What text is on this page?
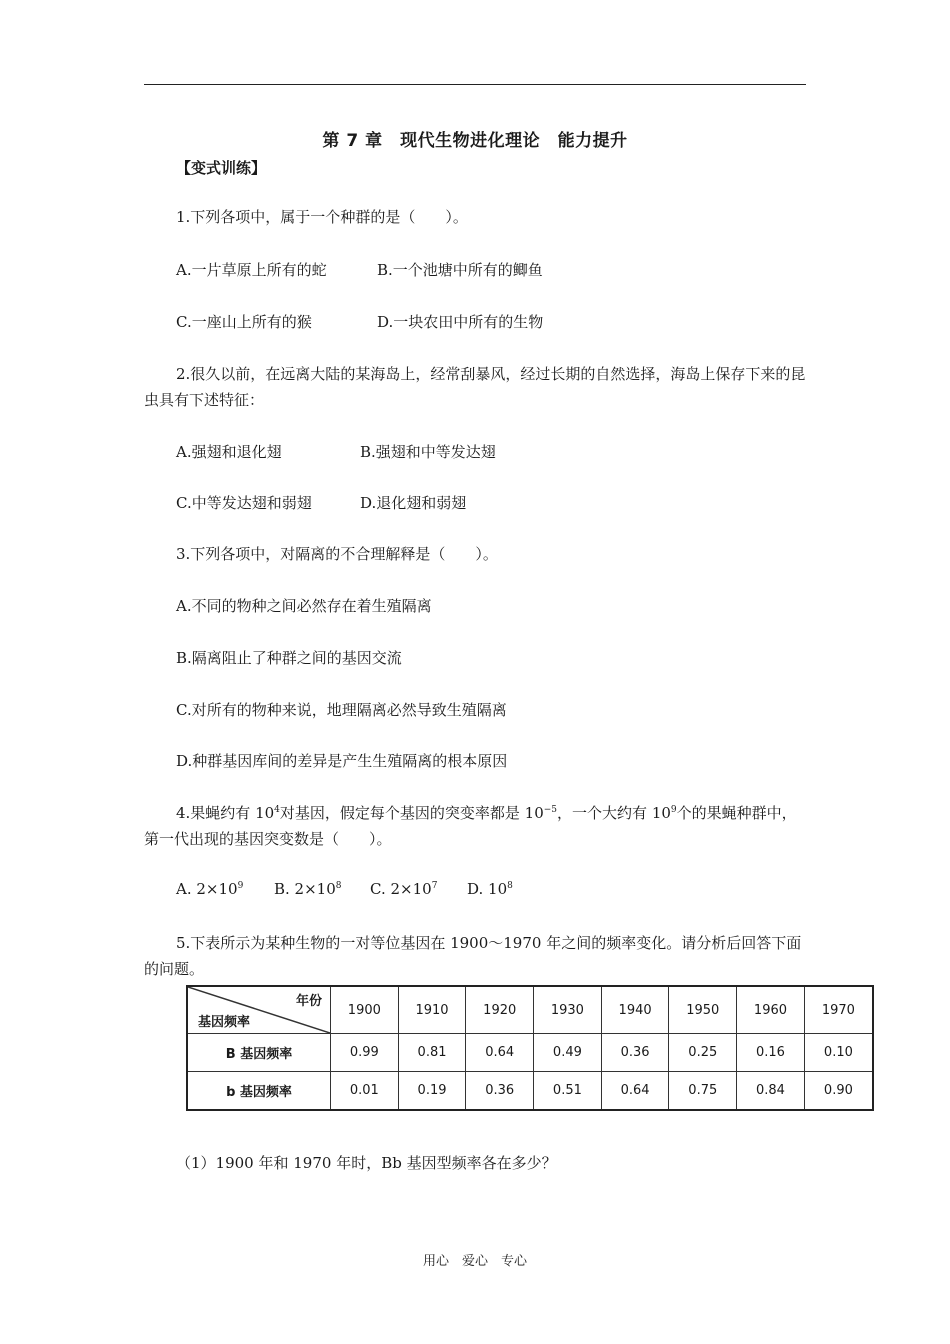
第 7 章　现代生物进化理论　能力提升
【变式训练】
1.下列各项中，属于一个种群的是（　　）。
A.一片草原上所有的蛇	B.一个池塘中所有的鲫鱼
C.一座山上所有的猴	D.一块农田中所有的生物
2.很久以前，在远离大陆的某海岛上，经常刮暴风，经过长期的自然选择，海岛上保存下来的昆虫具有下述特征：
A.强翅和退化翅	B.强翅和中等发达翅
C.中等发达翅和弱翅	D.退化翅和弱翅
3.下列各项中，对隔离的不合理解释是（　　）。
A.不同的物种之间必然存在着生殖隔离
B.隔离阻止了种群之间的基因交流
C.对所有的物种来说，地理隔离必然导致生殖隔离
D.种群基因库间的差异是产生生殖隔离的根本原因
4.果蝇约有 $10^4$对基因，假定每个基因的突变率都是 $10^{-5}$，一个大约有 $10^9$个的果蝇种群中，第一代出现的基因突变数是（　　）。
A. $2\times 10^9$ B. $2\times 10^8$ C. $2\times 10^7$ D. $10^8$
5.下表所示为某种生物的一对等位基因在 1900～1970 年之间的频率变化。请分析后回答下面的问题。
年份
基因频率	1900	1910	1920	1930	1940	1950	1960	1970
B 基因频率	0.99	0.81	0.64	0.49	0.36	0.25	0.16	0.10
b 基因频率	0.01	0.19	0.36	0.51	0.64	0.75	0.84	0.90
（1）1900 年和 1970 年时，Bb 基因型频率各在多少？
用心　爱心　专心
